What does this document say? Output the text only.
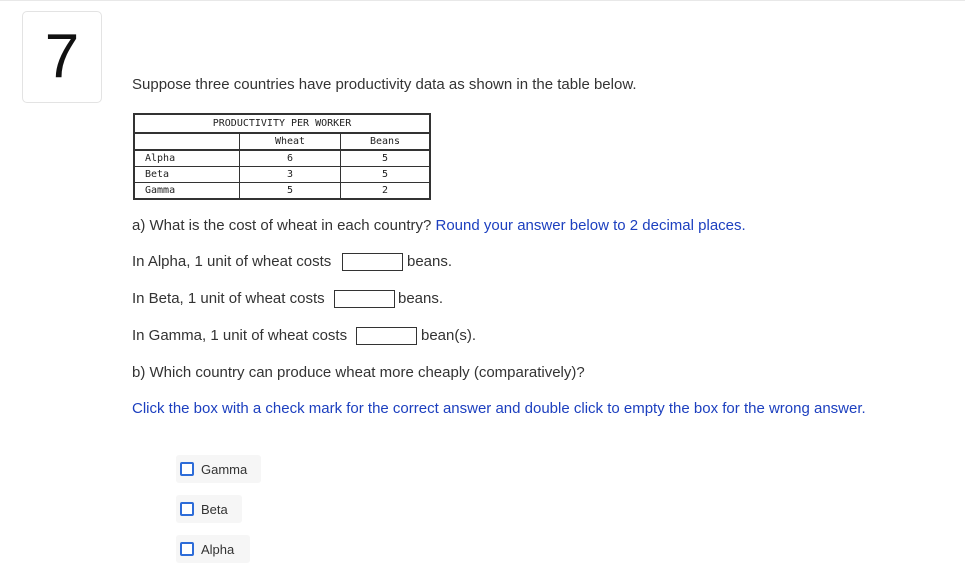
7	Suppose three countries have productivity data as shown in the table below.
PRODUCTIVITY PER WORKER		
	Wheat	Beans
Alpha	6	5
Beta	3	5
Gamma	5	2
a) What is the cost of wheat in each country? Round your answer below to 2 decimal places.
In Alpha, 1 unit of wheat costs	beans.
In Beta, 1 unit of wheat costs	beans.
In Gamma, 1 unit of wheat costs	bean(s).
b) Which country can produce wheat more cheaply (comparatively)?
Click the box with a check mark for the correct answer and double click to empty the box for the wrong answer.
Gamma
Beta
Alpha
